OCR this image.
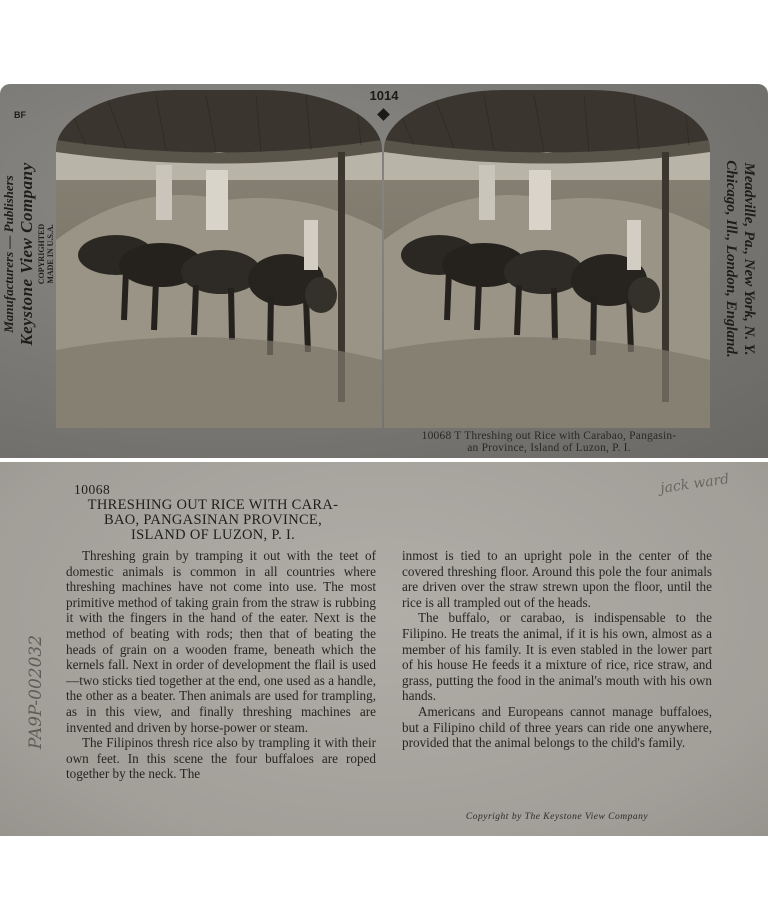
BF
Manufacturers — Publishers Keystone View Company COPYRIGHTED MADE IN U.S.A.
1014
Meadville, Pa., New York, N. Y.
Chicago, Ill., London, England.
10068 T Threshing out Rice with Carabao, Pangasin-
an Province, Island of Luzon, P. I.
jack ward
PA9P-002032
10068
THRESHING OUT RICE WITH CARA-
BAO, PANGASINAN PROVINCE,
ISLAND OF LUZON, P. I.

Threshing grain by tramping it out with the teet of domestic animals is common in all countries where threshing machines have not come into use. The most primitive method of taking grain from the straw is rubbing it with the fingers in the hand of the eater. Next is the method of beating with rods; then that of beating the heads of grain on a wooden frame, beneath which the kernels fall. Next in order of development the flail is used—two sticks tied together at the end, one used as a handle, the other as a beater. Then animals are used for trampling, as in this view, and finally threshing machines are invented and driven by horse-power or steam.

The Filipinos thresh rice also by trampling it with their own feet. In this scene the four buffaloes are roped together by the neck. The

inmost is tied to an upright pole in the center of the covered threshing floor. Around this pole the four animals are driven over the straw strewn upon the floor, until the rice is all trampled out of the heads.

The buffalo, or carabao, is indispensable to the Filipino. He treats the animal, if it is his own, almost as a member of his family. It is even stabled in the lower part of his house He feeds it a mixture of rice, rice straw, and grass, putting the food in the animal's mouth with his own hands.

Americans and Europeans cannot manage buffaloes, but a Filipino child of three years can ride one anywhere, provided that the animal belongs to the child's family.

Copyright by The Keystone View Company
